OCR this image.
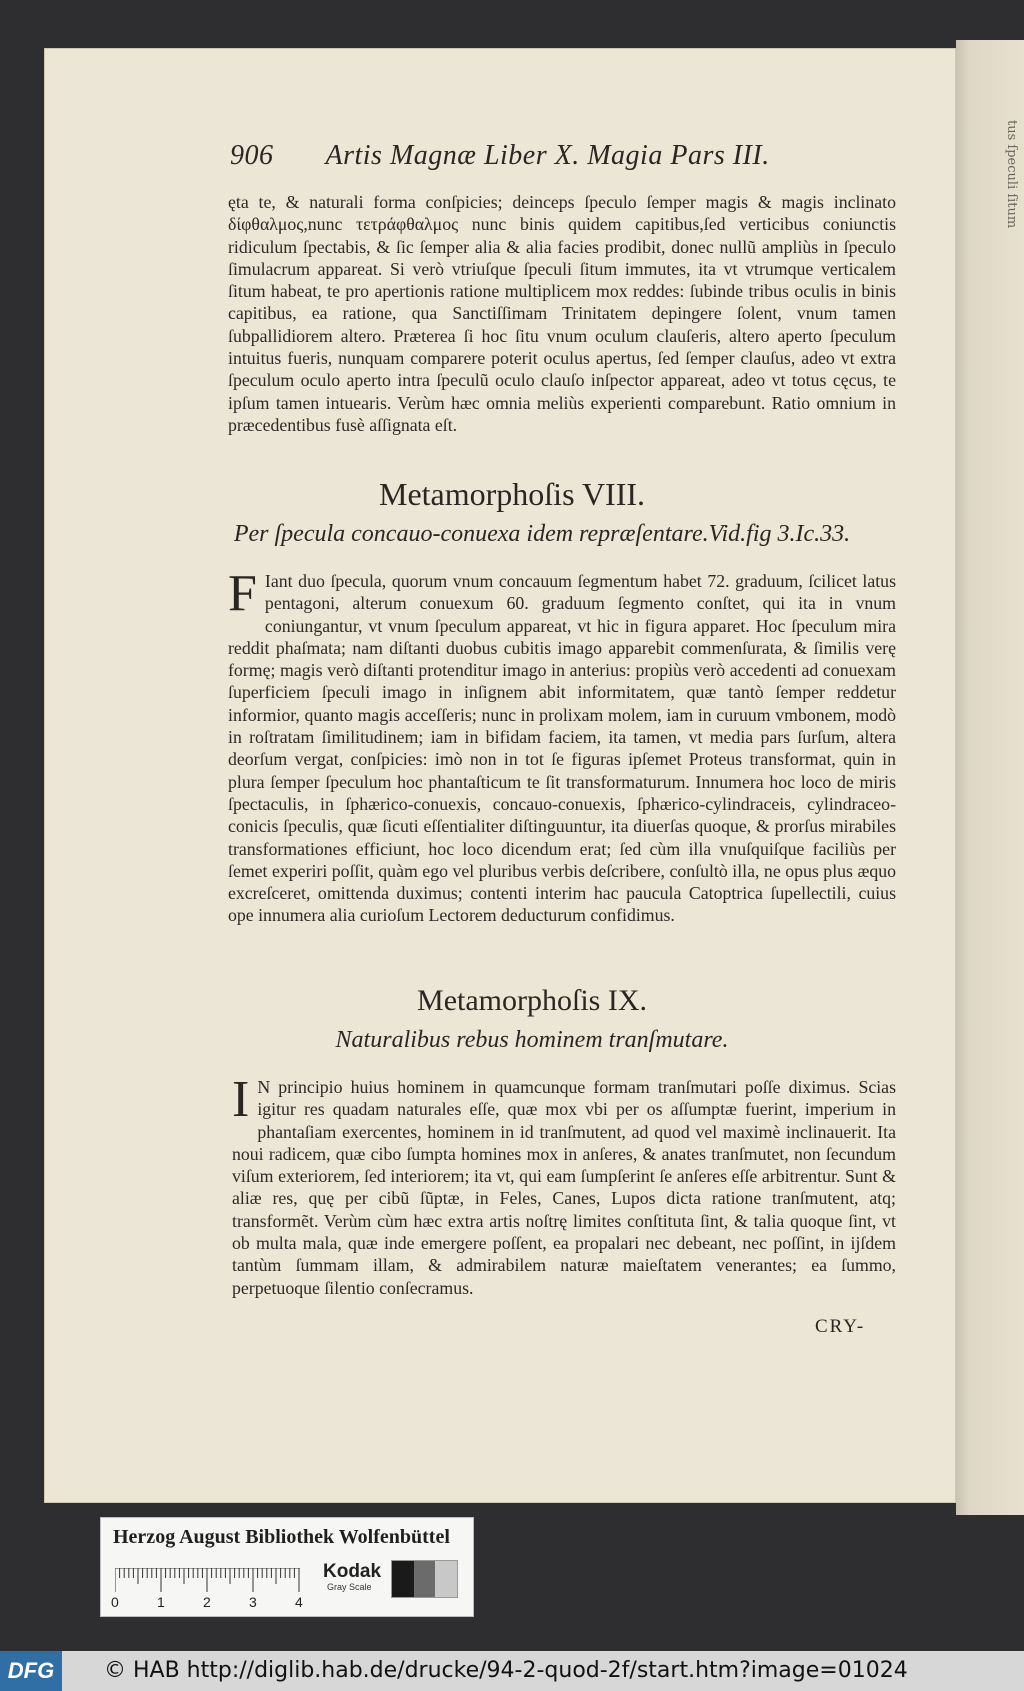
tus ſpeculi ſitum
906 Artis Magnæ Liber X. Magia Pars III.
ęta te, & naturali forma conſpicies; deinceps ſpeculo ſemper magis & magis inclinato δίφθαλμος,nunc τετράφθαλμος nunc binis quidem capitibus,ſed verticibus coniunctis ridiculum ſpectabis, & ſic ſemper alia & alia facies prodibit, donec nullũ ampliùs in ſpeculo ſimulacrum appareat. Si verò vtriuſque ſpeculi ſitum immutes, ita vt vtrumque verticalem ſitum habeat, te pro apertionis ratione multiplicem mox reddes: ſubinde tribus oculis in binis capitibus, ea ratione, qua Sanctiſſimam Trinitatem depingere ſolent, vnum tamen ſubpallidiorem altero. Præterea ſi hoc ſitu vnum oculum clauſeris, altero aperto ſpeculum intuitus fueris, nunquam comparere poterit oculus apertus, ſed ſemper clauſus, adeo vt extra ſpeculum oculo aperto intra ſpeculũ oculo clauſo inſpector appareat, adeo vt totus cęcus, te ipſum tamen intuearis. Verùm hæc omnia meliùs experienti comparebunt. Ratio omnium in præcedentibus fusè aſſignata eſt.
Metamorphoſis VIII.
Per ſpecula concauo-conuexa idem repræſentare.Vid.fig 3.Ic.33.
F Iant duo ſpecula, quorum vnum concauum ſegmentum habet 72. graduum, ſcilicet latus pentagoni, alterum conuexum 60. graduum ſegmento conſtet, qui ita in vnum coniungantur, vt vnum ſpeculum appareat, vt hic in figura apparet. Hoc ſpeculum mira reddit phaſmata; nam diſtanti duobus cubitis imago apparebit commenſurata, & ſimilis verę formę; magis verò diſtanti protenditur imago in anterius: propiùs verò accedenti ad conuexam ſuperficiem ſpeculi imago in inſignem abit informitatem, quæ tantò ſemper reddetur informior, quanto magis acceſſeris; nunc in prolixam molem, iam in curuum vmbonem, modò in roſtratam ſimilitudinem; iam in bifidam faciem, ita tamen, vt media pars ſurſum, altera deorſum vergat, conſpicies: imò non in tot ſe figuras ipſemet Proteus transformat, quin in plura ſemper ſpeculum hoc phantaſticum te ſit transformaturum. Innumera hoc loco de miris ſpectaculis, in ſphærico-conuexis, concauo-conuexis, ſphærico-cylindraceis, cylindraceo-conicis ſpeculis, quæ ſicuti eſſentialiter diſtinguuntur, ita diuerſas quoque, & prorſus mirabiles transformationes efficiunt, hoc loco dicendum erat; ſed cùm illa vnuſquiſque faciliùs per ſemet experiri poſſit, quàm ego vel pluribus verbis deſcribere, conſultò illa, ne opus plus æquo excreſceret, omittenda duximus; contenti interim hac paucula Catoptrica ſupellectili, cuius ope innumera alia curioſum Lectorem deducturum confidimus.
Metamorphoſis IX.
Naturalibus rebus hominem tranſmutare.
I N principio huius hominem in quamcunque formam tranſmutari poſſe diximus. Scias igitur res quadam naturales eſſe, quæ mox vbi per os aſſumptæ fuerint, imperium in phantaſiam exercentes, hominem in id tranſmutent, ad quod vel maximè inclinauerit. Ita noui radicem, quæ cibo ſumpta homines mox in anſeres, & anates tranſmutet, non ſecundum viſum exteriorem, ſed interiorem; ita vt, qui eam ſumpſerint ſe anſeres eſſe arbitrentur. Sunt & aliæ res, quę per cibũ ſũptæ, in Feles, Canes, Lupos dicta ratione tranſmutent, atq; transformẽt. Verùm cùm hæc extra artis noſtrę limites conſtituta ſint, & talia quoque ſint, vt ob multa mala, quæ inde emergere poſſent, ea propalari nec debeant, nec poſſint, in ijſdem tantùm ſummam illam, & admirabilem naturæ maieſtatem venerantes; ea ſummo, perpetuoque ſilentio conſecramus.
CRY-
Herzog August Bibliothek Wolfenbüttel
0	1	2	3	4
Kodak
Gray Scale
DFG	© HAB http://diglib.hab.de/drucke/94-2-quod-2f/start.htm?image=01024
